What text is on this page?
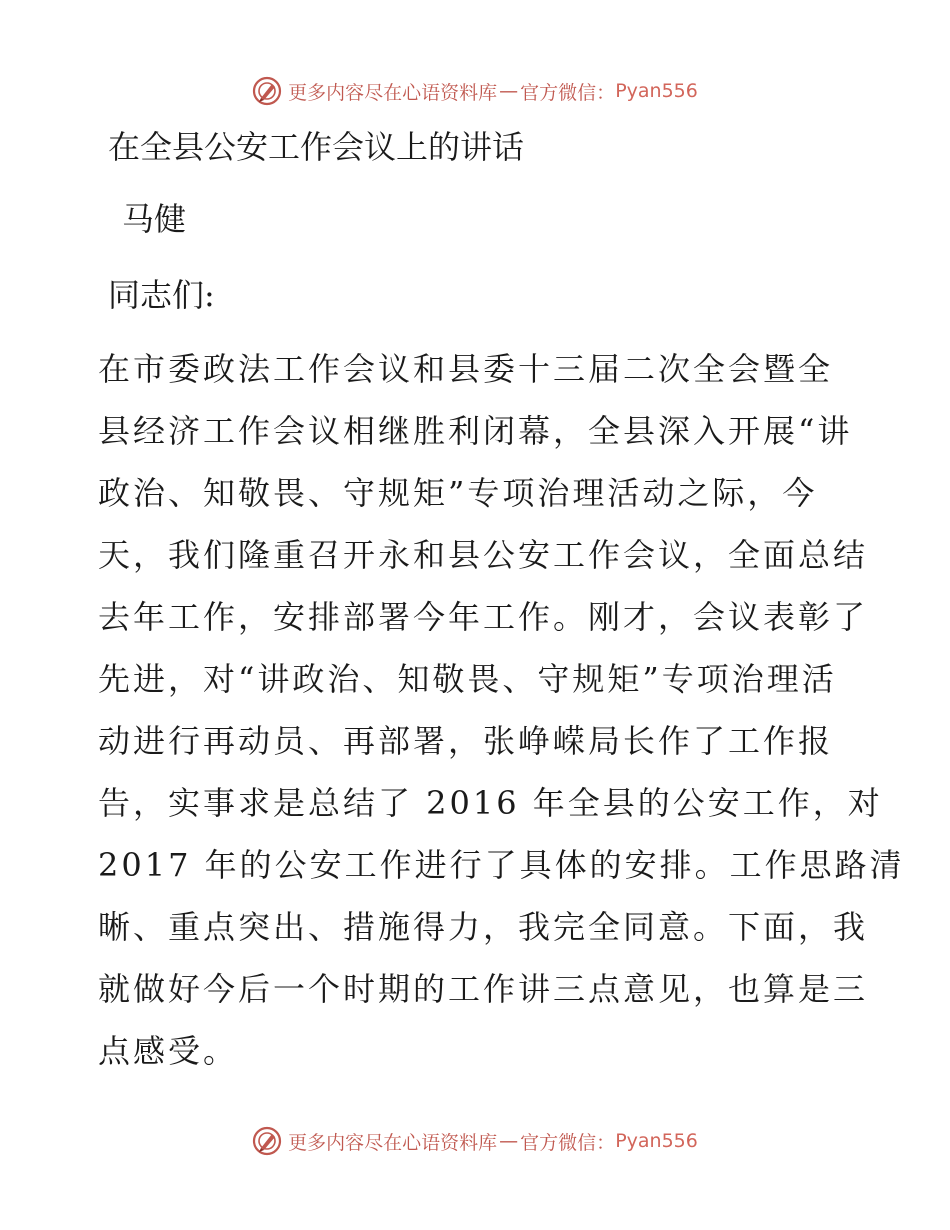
更多内容尽在心语资料库 — 官方微信： Pyan556
在全县公安工作会议上的讲话
马健
同志们:
在市委政法工作会议和县委十三届二次全会暨全
县经济工作会议相继胜利闭幕，全县深入开展“讲
政治、知敬畏、守规矩”专项治理活动之际，今
天，我们隆重召开永和县公安工作会议，全面总结
去年工作，安排部署今年工作。刚才，会议表彰了
先进，对“讲政治、知敬畏、守规矩”专项治理活
动进行再动员、再部署，张峥嵘局长作了工作报
告，实事求是总结了 2016 年全县的公安工作，对
2017 年的公安工作进行了具体的安排。工作思路清
晰、重点突出、措施得力，我完全同意。下面，我
就做好今后一个时期的工作讲三点意见，也算是三
点感受。
更多内容尽在心语资料库 — 官方微信： Pyan556
